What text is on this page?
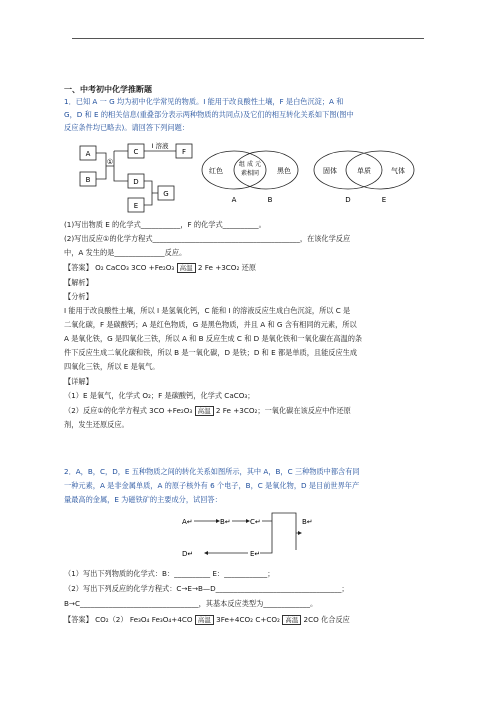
一、中考初中化学推断题
1．已知 A 一 G 均为初中化学常见的物质。I 能用于改良酸性土壤，F 是白色沉淀；A 和
G，D 和 E 的相关信息(重叠部分表示两种物质的共同点)及它们的相互转化关系如下图(图中
反应条件均已略去)。请回答下列问题：
A
B
C
D
E
F
G
①
I 溶液
红色
组成元
素相同	黑色
A	B
固体	单质	气体
D	E
(1)写出物质 E 的化学式___________，F 的化学式__________。
(2)写出反应①的化学方程式_________________________________________，在该化学反应
中，A 发生的是______________反应。
【答案】 O₂ CaCO₃ 3CO +Fe₂O₃ 高温 2 Fe +3CO₂ 还原
【解析】
【分析】
I 能用于改良酸性土壤，所以 I 是氢氧化钙，C 能和 I 的溶液反应生成白色沉淀，所以 C 是
二氧化碳，F 是碳酸钙；A 是红色物质，G 是黑色物质，并且 A 和 G 含有相同的元素，所以
A 是氧化铁，G 是四氧化三铁，所以 A 和 B 反应生成 C 和 D 是氧化铁和一氧化碳在高温的条
件下反应生成二氧化碳和铁，所以 B 是一氧化碳，D 是铁；D 和 E 都是单质，且能反应生成
四氧化三铁，所以 E 是氧气。
【详解】
（1）E 是氧气，化学式 O₂；F 是碳酸钙，化学式 CaCO₃；
（2）反应①的化学方程式 3CO +Fe₂O₃ 高温 2 Fe +3CO₂；一氧化碳在该反应中作还原
剂，发生还原反应。
2．A，B，C，D，E 五种物质之间的转化关系如图所示，其中 A，B，C 三种物质中都含有同
一种元素，A 是非金属单质，A 的原子核外有 6 个电子，B，C 是氧化物，D 是目前世界年产
量最高的金属，E 为磁铁矿的主要成分，试回答：
A↵	B↵	C↵	B↵
D↵	E↵
（1）写出下列物质的化学式：B：__________ E：____________；
（2）写出下列反应的化学方程式：C→E→B—D___________________________________；
B→C_________________________________，其基本反应类型为_____________。
【答案】 CO₂（2） Fe₃O₄ Fe₃O₄+4CO 高温 3Fe+4CO₂ C+CO₂ 高温 2CO 化合反应
